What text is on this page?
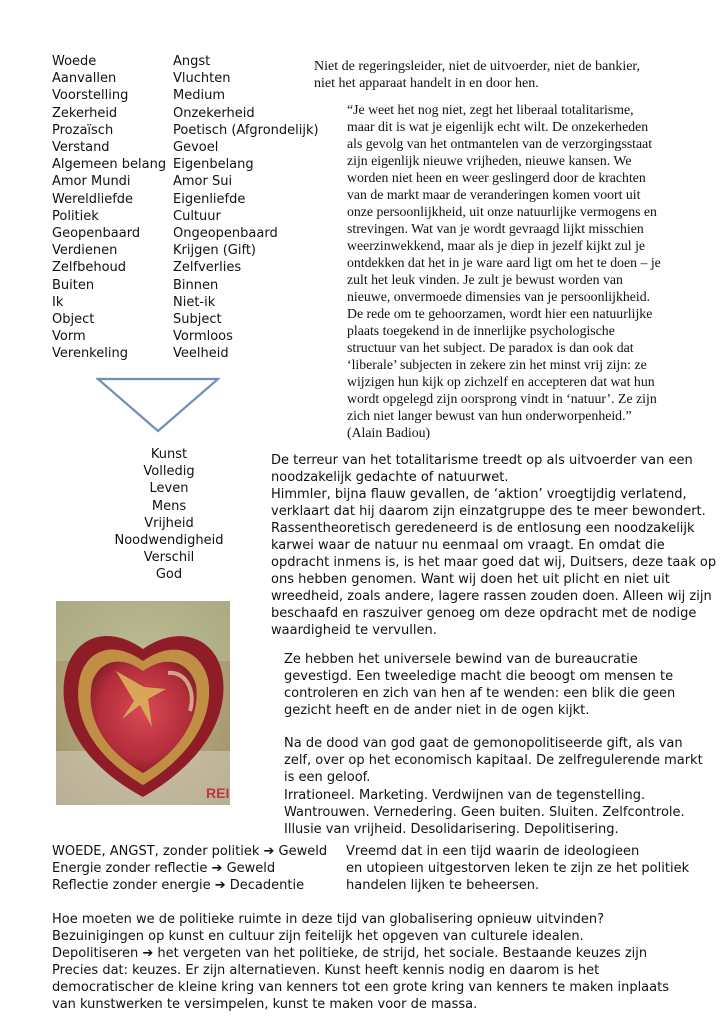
Woede
Aanvallen
Voorstelling
Zekerheid
Prozaïsch
Verstand
Algemeen belang
Amor Mundi
Wereldliefde
Politiek
Geopenbaard
Verdienen
Zelfbehoud
Buiten
Ik
Object
Vorm
Verenkeling
Angst
Vluchten
Medium
Onzekerheid
Poetisch (Afgrondelijk)
Gevoel
Eigenbelang
Amor Sui
Eigenliefde
Cultuur
Ongeopenbaard
Krijgen (Gift)
Zelfverlies
Binnen
Niet-ik
Subject
Vormloos
Veelheid
Niet de regeringsleider, niet de uitvoerder, niet de bankier,
niet het apparaat handelt in en door hen.
“Je weet het nog niet, zegt het liberaal totalitarisme,
maar dit is wat je eigenlijk echt wilt. De onzekerheden
als gevolg van het ontmantelen van de verzorgingsstaat
zijn eigenlijk nieuwe vrijheden, nieuwe kansen. We
worden niet heen en weer geslingerd door de krachten
van de markt maar de veranderingen komen voort uit
onze persoonlijkheid, uit onze natuurlijke vermogens en
strevingen. Wat van je wordt gevraagd lijkt misschien
weerzinwekkend, maar als je diep in jezelf kijkt zul je
ontdekken dat het in je ware aard ligt om het te doen – je
zult het leuk vinden. Je zult je bewust worden van
nieuwe, onvermoede dimensies van je persoonlijkheid.
De rede om te gehoorzamen, wordt hier een natuurlijke
plaats toegekend in de innerlijke psychologische
structuur van het subject. De paradox is dan ook dat
‘liberale’ subjecten in zekere zin het minst vrij zijn: ze
wijzigen hun kijk op zichzelf en accepteren dat wat hun
wordt opgelegd zijn oorsprong vindt in ‘natuur’. Ze zijn
zich niet langer bewust van hun onderworpenheid.”
(Alain Badiou)
Kunst
Volledig
Leven
Mens
Vrijheid
Noodwendigheid
Verschil
God
REI
De terreur van het totalitarisme treedt op als uitvoerder van een
noodzakelijk gedachte of natuurwet.
Himmler, bijna flauw gevallen, de ‘aktion’ vroegtijdig verlatend,
verklaart dat hij daarom zijn einzatgruppe des te meer bewondert.
Rassentheoretisch geredeneerd is de entlosung een noodzakelijk
karwei waar de natuur nu eenmaal om vraagt. En omdat die
opdracht inmens is, is het maar goed dat wij, Duitsers, deze taak op
ons hebben genomen. Want wij doen het uit plicht en niet uit
wreedheid, zoals andere, lagere rassen zouden doen. Alleen wij zijn
beschaafd en raszuiver genoeg om deze opdracht met de nodige
waardigheid te vervullen.
Ze hebben het universele bewind van de bureaucratie
gevestigd. Een tweeledige macht die beoogt om mensen te
controleren en zich van hen af te wenden: een blik die geen
gezicht heeft en de ander niet in de ogen kijkt.
Na de dood van god gaat de gemonopolitiseerde gift, als van
zelf, over op het economisch kapitaal. De zelfregulerende markt
is een geloof.
Irrationeel. Marketing. Verdwijnen van de tegenstelling.
Wantrouwen. Vernedering. Geen buiten. Sluiten. Zelfcontrole.
Illusie van vrijheid. Desolidarisering. Depolitisering.
WOEDE, ANGST, zonder politiek ➔ Geweld
Energie zonder reflectie ➔ Geweld
Reflectie zonder energie ➔ Decadentie
Vreemd dat in een tijd waarin de ideologieen
en utopieen uitgestorven leken te zijn ze het politiek
handelen lijken te beheersen.
Hoe moeten we de politieke ruimte in deze tijd van globalisering opnieuw uitvinden?
Bezuinigingen op kunst en cultuur zijn feitelijk het opgeven van culturele idealen.
Depolitiseren ➔ het vergeten van het politieke, de strijd, het sociale. Bestaande keuzes zijn
Precies dat: keuzes. Er zijn alternatieven. Kunst heeft kennis nodig en daarom is het
democratischer de kleine kring van kenners tot een grote kring van kenners te maken inplaats
van kunstwerken te versimpelen, kunst te maken voor de massa.
